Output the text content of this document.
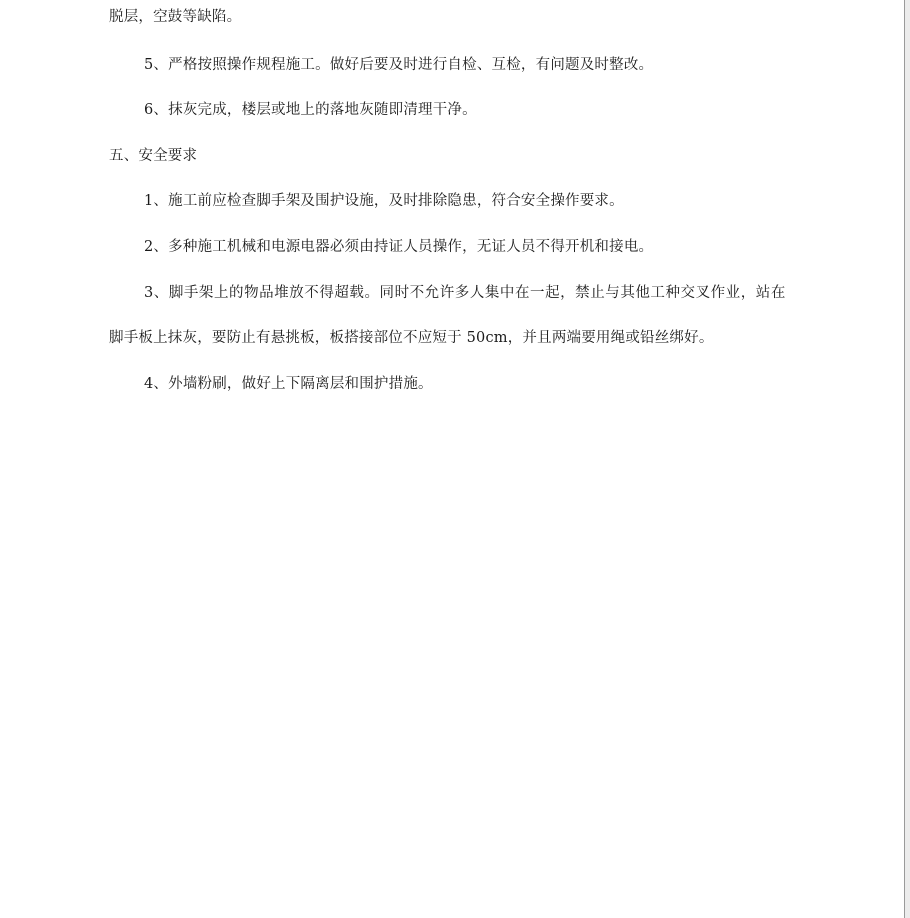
脱层，空鼓等缺陷。
5、严格按照操作规程施工。做好后要及时进行自检、互检，有问题及时整改。
6、抹灰完成，楼层或地上的落地灰随即清理干净。
五、安全要求
1、施工前应检查脚手架及围护设施，及时排除隐患，符合安全操作要求。
2、多种施工机械和电源电器必须由持证人员操作，无证人员不得开机和接电。
3、脚手架上的物品堆放不得超载。同时不允许多人集中在一起，禁止与其他工种交叉作业，站在
脚手板上抹灰，要防止有悬挑板，板搭接部位不应短于 50cm，并且两端要用绳或铅丝绑好。
4、外墙粉刷，做好上下隔离层和围护措施。
